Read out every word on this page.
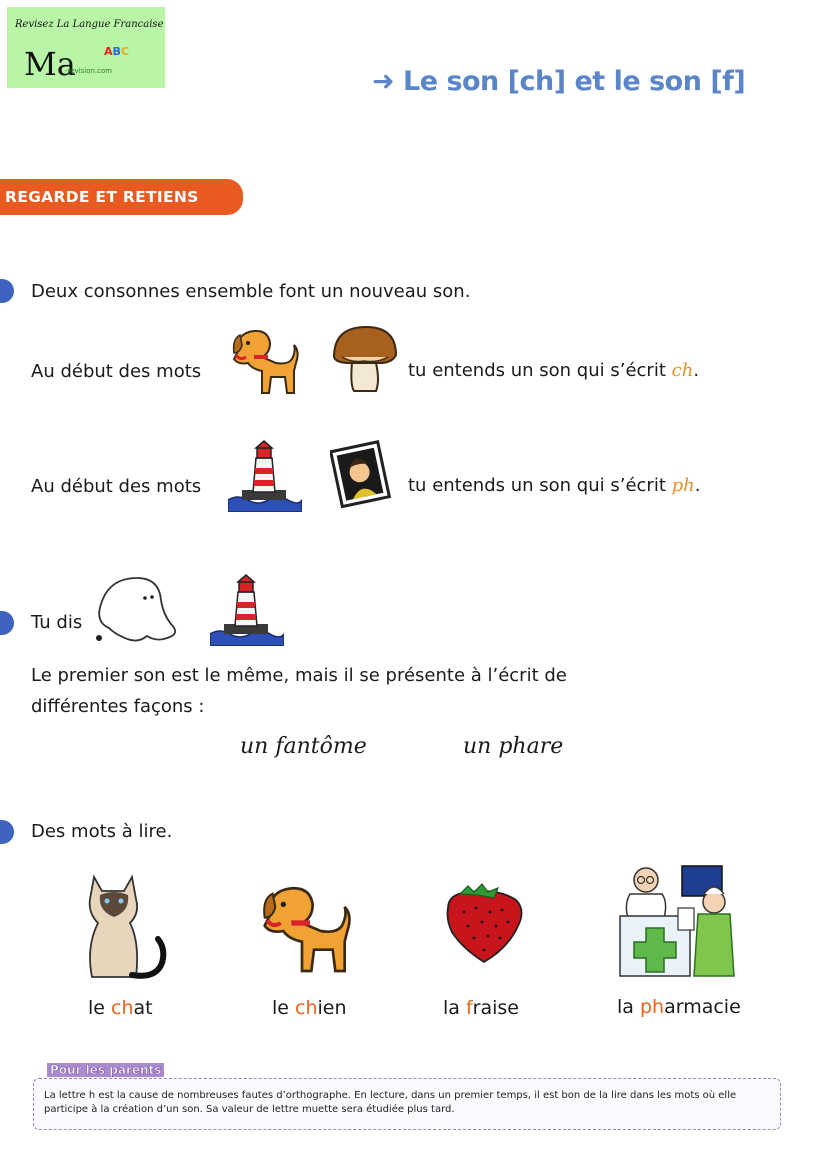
Revisez La Langue Francaise
Ma	ABC
-revision.com	➜ Le son [ch] et le son [f]
REGARDE ET RETIENS
Deux consonnes ensemble font un nouveau son.
Au début des mots	tu entends un son qui s’écrit ch.
Au début des mots	tu entends un son qui s’écrit ph.
Tu dis
Le premier son est le même, mais il se présente à l’écrit de
différentes façons :
un fantôme	un phare
Des mots à lire.
le chat	le chien	la fraise	la pharmacie
La lettre h est la cause de nombreuses fautes d’orthographe. En lecture, dans un premier temps, il est bon de la lire dans les mots où elle participe à la création d’un son. Sa valeur de lettre muette sera étudiée plus tard.
Pour les parents
